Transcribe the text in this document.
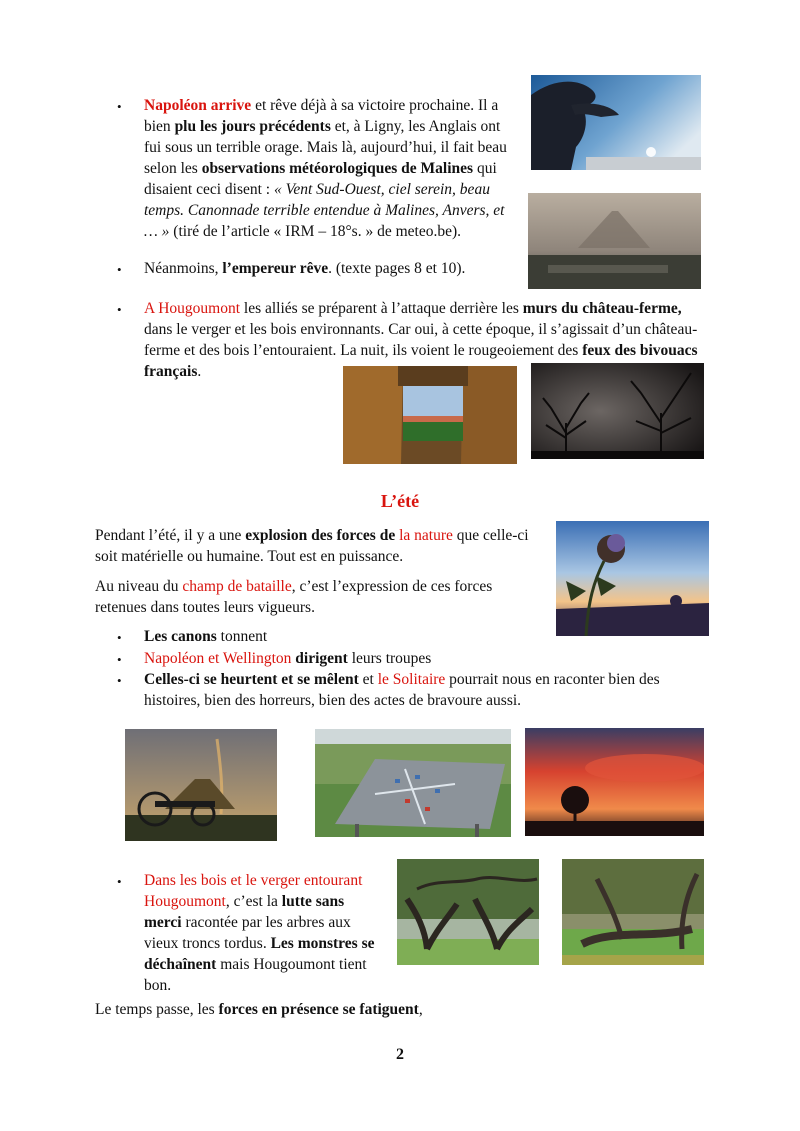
• Napoléon arrive et rêve déjà à sa victoire prochaine. Il a bien plu les jours précédents et, à Ligny, les Anglais ont fui sous un terrible orage. Mais là, aujourd’hui, il fait beau selon les observations météorologiques de Malines qui disaient ceci disent : « Vent Sud-Ouest, ciel serein, beau temps. Canonnade terrible entendue à Malines, Anvers, et … » (tiré de l’article « IRM – 18°s. » de meteo.be).
• Néanmoins, l’empereur rêve. (texte pages 8 et 10).
• A Hougoumont les alliés se préparent à l’attaque derrière les murs du château-ferme, dans le verger et les bois environnants. Car oui, à cette époque, il s’agissait d’un château-ferme et des bois l’entouraient. La nuit, ils voient le rougeoiement des feux des bivouacs français.
L’été
Pendant l’été, il y a une explosion des forces de la nature que celle-ci soit matérielle ou humaine. Tout est en puissance.
Au niveau du champ de bataille, c’est l’expression de ces forces retenues dans toutes leurs vigueurs.
• Les canons tonnent
• Napoléon et Wellington dirigent leurs troupes
• Celles-ci se heurtent et se mêlent et le Solitaire pourrait nous en raconter bien des histoires, bien des horreurs, bien des actes de bravoure aussi.
• Dans les bois et le verger entourant Hougoumont, c’est la lutte sans merci racontée par les arbres aux vieux troncs tordus. Les monstres se déchaînent mais Hougoumont tient bon.
Le temps passe, les forces en présence se fatiguent,
2
